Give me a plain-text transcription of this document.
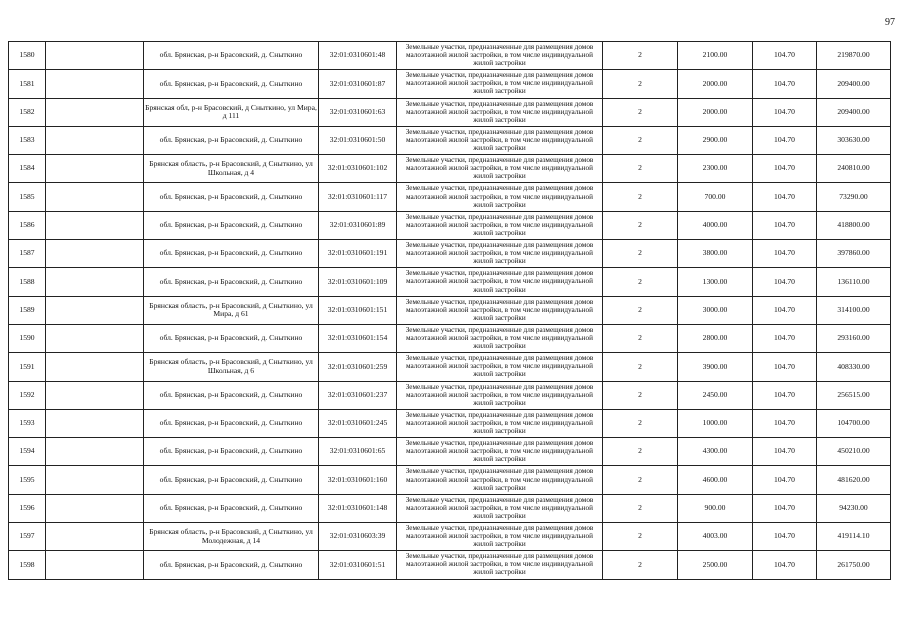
97
1580		обл. Брянская, р-н Брасовский, д. Сныткино	32:01:0310601:48	Земельные участки, предназначенные для размещения домов малоэтажной жилой застройки, в том числе индивидуальной жилой застройки	2	2100.00	104.70	219870.00
1581		обл. Брянская, р-н Брасовский, д. Сныткино	32:01:0310601:87	Земельные участки, предназначенные для размещения домов малоэтажной жилой застройки, в том числе индивидуальной жилой застройки	2	2000.00	104.70	209400.00
1582		Брянская обл, р-н Брасовский, д Сныткино, ул Мира, д 111	32:01:0310601:63	Земельные участки, предназначенные для размещения домов малоэтажной жилой застройки, в том числе индивидуальной жилой застройки	2	2000.00	104.70	209400.00
1583		обл. Брянская, р-н Брасовский, д. Сныткино	32:01:0310601:50	Земельные участки, предназначенные для размещения домов малоэтажной жилой застройки, в том числе индивидуальной жилой застройки	2	2900.00	104.70	303630.00
1584		Брянская область, р-н Брасовский, д Сныткино, ул Школьная, д 4	32:01:0310601:102	Земельные участки, предназначенные для размещения домов малоэтажной жилой застройки, в том числе индивидуальной жилой застройки	2	2300.00	104.70	240810.00
1585		обл. Брянская, р-н Брасовский, д. Сныткино	32:01:0310601:117	Земельные участки, предназначенные для размещения домов малоэтажной жилой застройки, в том числе индивидуальной жилой застройки	2	700.00	104.70	73290.00
1586		обл. Брянская, р-н Брасовский, д. Сныткино	32:01:0310601:89	Земельные участки, предназначенные для размещения домов малоэтажной жилой застройки, в том числе индивидуальной жилой застройки	2	4000.00	104.70	418800.00
1587		обл. Брянская, р-н Брасовский, д. Сныткино	32:01:0310601:191	Земельные участки, предназначенные для размещения домов малоэтажной жилой застройки, в том числе индивидуальной жилой застройки	2	3800.00	104.70	397860.00
1588		обл. Брянская, р-н Брасовский, д. Сныткино	32:01:0310601:109	Земельные участки, предназначенные для размещения домов малоэтажной жилой застройки, в том числе индивидуальной жилой застройки	2	1300.00	104.70	136110.00
1589		Брянская область, р-н Брасовский, д Сныткино, ул Мира, д 61	32:01:0310601:151	Земельные участки, предназначенные для размещения домов малоэтажной жилой застройки, в том числе индивидуальной жилой застройки	2	3000.00	104.70	314100.00
1590		обл. Брянская, р-н Брасовский, д. Сныткино	32:01:0310601:154	Земельные участки, предназначенные для размещения домов малоэтажной жилой застройки, в том числе индивидуальной жилой застройки	2	2800.00	104.70	293160.00
1591		Брянская область, р-н Брасовский, д Сныткино, ул Школьная, д 6	32:01:0310601:259	Земельные участки, предназначенные для размещения домов малоэтажной жилой застройки, в том числе индивидуальной жилой застройки	2	3900.00	104.70	408330.00
1592		обл. Брянская, р-н Брасовский, д. Сныткино	32:01:0310601:237	Земельные участки, предназначенные для размещения домов малоэтажной жилой застройки, в том числе индивидуальной жилой застройки	2	2450.00	104.70	256515.00
1593		обл. Брянская, р-н Брасовский, д. Сныткино	32:01:0310601:245	Земельные участки, предназначенные для размещения домов малоэтажной жилой застройки, в том числе индивидуальной жилой застройки	2	1000.00	104.70	104700.00
1594		обл. Брянская, р-н Брасовский, д. Сныткино	32:01:0310601:65	Земельные участки, предназначенные для размещения домов малоэтажной жилой застройки, в том числе индивидуальной жилой застройки	2	4300.00	104.70	450210.00
1595		обл. Брянская, р-н Брасовский, д. Сныткино	32:01:0310601:160	Земельные участки, предназначенные для размещения домов малоэтажной жилой застройки, в том числе индивидуальной жилой застройки	2	4600.00	104.70	481620.00
1596		обл. Брянская, р-н Брасовский, д. Сныткино	32:01:0310601:148	Земельные участки, предназначенные для размещения домов малоэтажной жилой застройки, в том числе индивидуальной жилой застройки	2	900.00	104.70	94230.00
1597		Брянская область, р-н Брасовский, д Сныткино, ул Молодежная, д 14	32:01:0310603:39	Земельные участки, предназначенные для размещения домов малоэтажной жилой застройки, в том числе индивидуальной жилой застройки	2	4003.00	104.70	419114.10
1598		обл. Брянская, р-н Брасовский, д. Сныткино	32:01:0310601:51	Земельные участки, предназначенные для размещения домов малоэтажной жилой застройки, в том числе индивидуальной жилой застройки	2	2500.00	104.70	261750.00
